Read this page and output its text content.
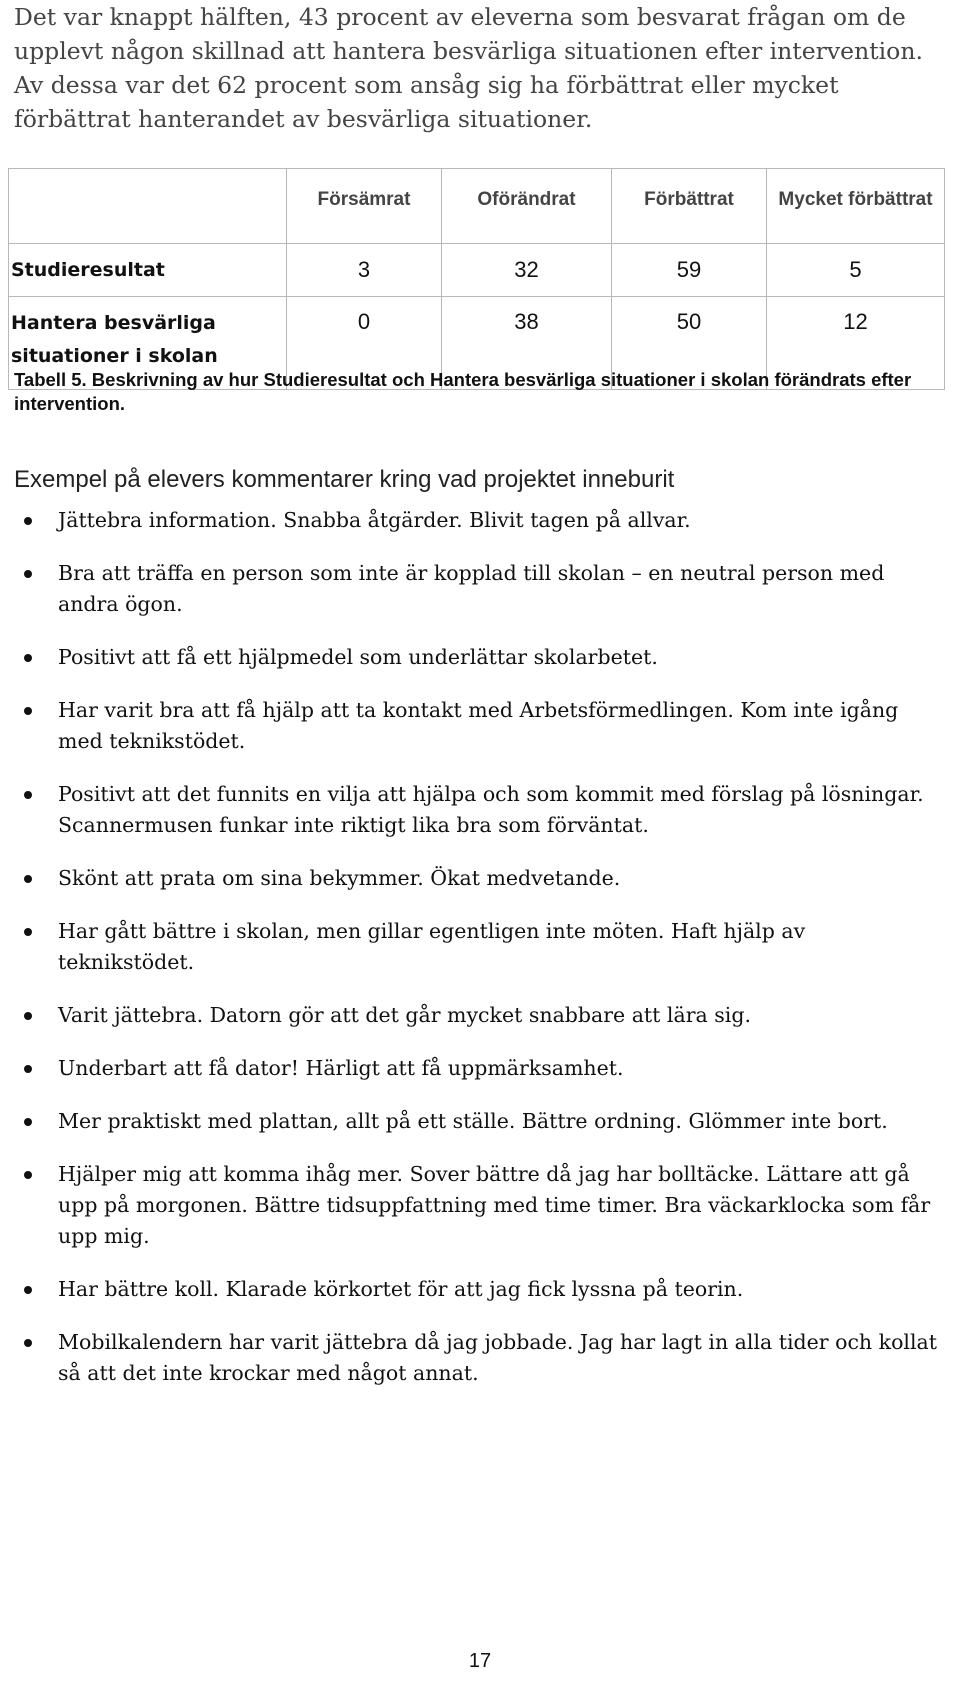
Det var knappt hälften, 43 procent av eleverna som besvarat frågan om de upplevt någon skillnad att hantera besvärliga situationen efter intervention. Av dessa var det 62 procent som ansåg sig ha förbättrat eller mycket förbättrat hanterandet av besvärliga situationer.

	Försämrat	Oförändrat	Förbättrat	Mycket förbättrat
Studieresultat	3	32	59	5
Hantera besvärliga situationer i skolan	0	38	50	12
Tabell 5. Beskrivning av hur Studieresultat och Hantera besvärliga situationer i skolan förändrats efter intervention.
Exempel på elevers kommentarer kring vad projektet inneburit
Jättebra information. Snabba åtgärder. Blivit tagen på allvar.
Bra att träffa en person som inte är kopplad till skolan – en neutral person med andra ögon.
Positivt att få ett hjälpmedel som underlättar skolarbetet.
Har varit bra att få hjälp att ta kontakt med Arbetsförmedlingen. Kom inte igång med teknikstödet.
Positivt att det funnits en vilja att hjälpa och som kommit med förslag på lösningar. Scannermusen funkar inte riktigt lika bra som förväntat.
Skönt att prata om sina bekymmer. Ökat medvetande.
Har gått bättre i skolan, men gillar egentligen inte möten. Haft hjälp av teknikstödet.
Varit jättebra. Datorn gör att det går mycket snabbare att lära sig.
Underbart att få dator! Härligt att få uppmärksamhet.
Mer praktiskt med plattan, allt på ett ställe. Bättre ordning. Glömmer inte bort.
Hjälper mig att komma ihåg mer. Sover bättre då jag har bolltäcke. Lättare att gå upp på morgonen. Bättre tidsuppfattning med time timer. Bra väckarklocka som får upp mig.
Har bättre koll. Klarade körkortet för att jag fick lyssna på teorin.
Mobilkalendern har varit jättebra då jag jobbade. Jag har lagt in alla tider och kollat så att det inte krockar med något annat.
17
